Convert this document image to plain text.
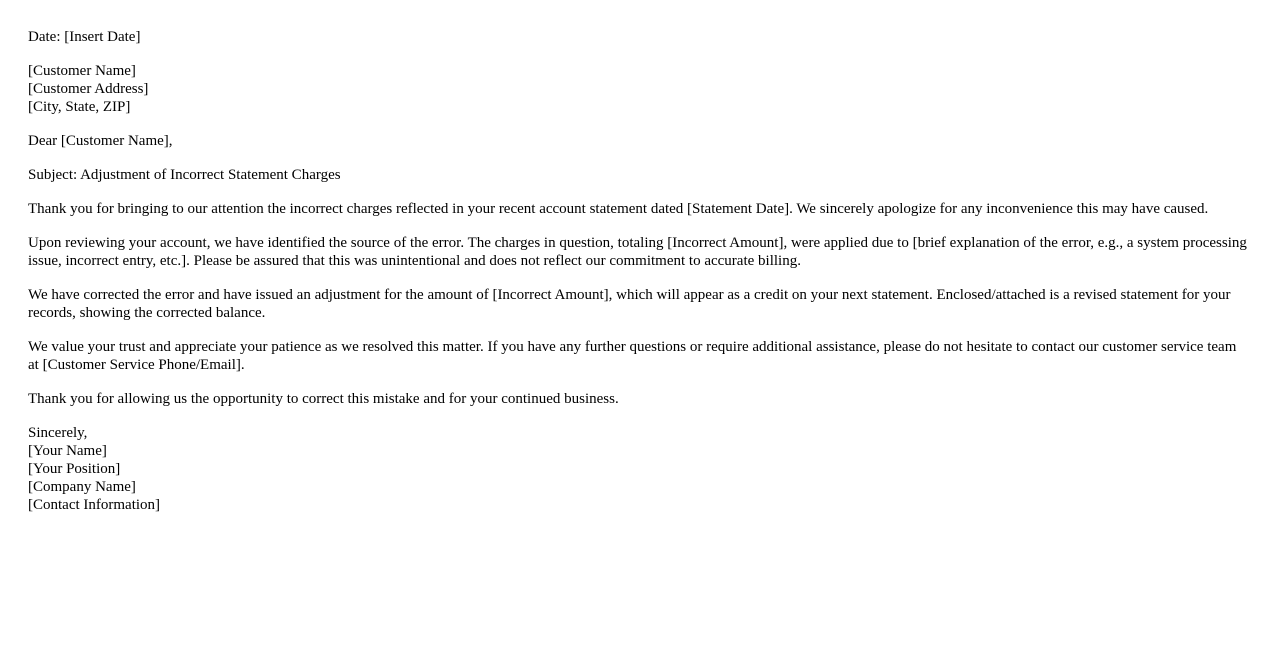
Date: [Insert Date]
[Customer Name]
[Customer Address]
[City, State, ZIP]
Dear [Customer Name],
Subject: Adjustment of Incorrect Statement Charges

Thank you for bringing to our attention the incorrect charges reflected in your recent account statement dated [Statement Date]. We sincerely apologize for any inconvenience this may have caused.

Upon reviewing your account, we have identified the source of the error. The charges in question, totaling [Incorrect Amount], were applied due to [brief explanation of the error, e.g., a system processing issue, incorrect entry, etc.]. Please be assured that this was unintentional and does not reflect our commitment to accurate billing.

We have corrected the error and have issued an adjustment for the amount of [Incorrect Amount], which will appear as a credit on your next statement. Enclosed/attached is a revised statement for your records, showing the corrected balance.

We value your trust and appreciate your patience as we resolved this matter. If you have any further questions or require additional assistance, please do not hesitate to contact our customer service team at [Customer Service Phone/Email].

Thank you for allowing us the opportunity to correct this mistake and for your continued business.

Sincerely,
[Your Name]
[Your Position]
[Company Name]
[Contact Information]
